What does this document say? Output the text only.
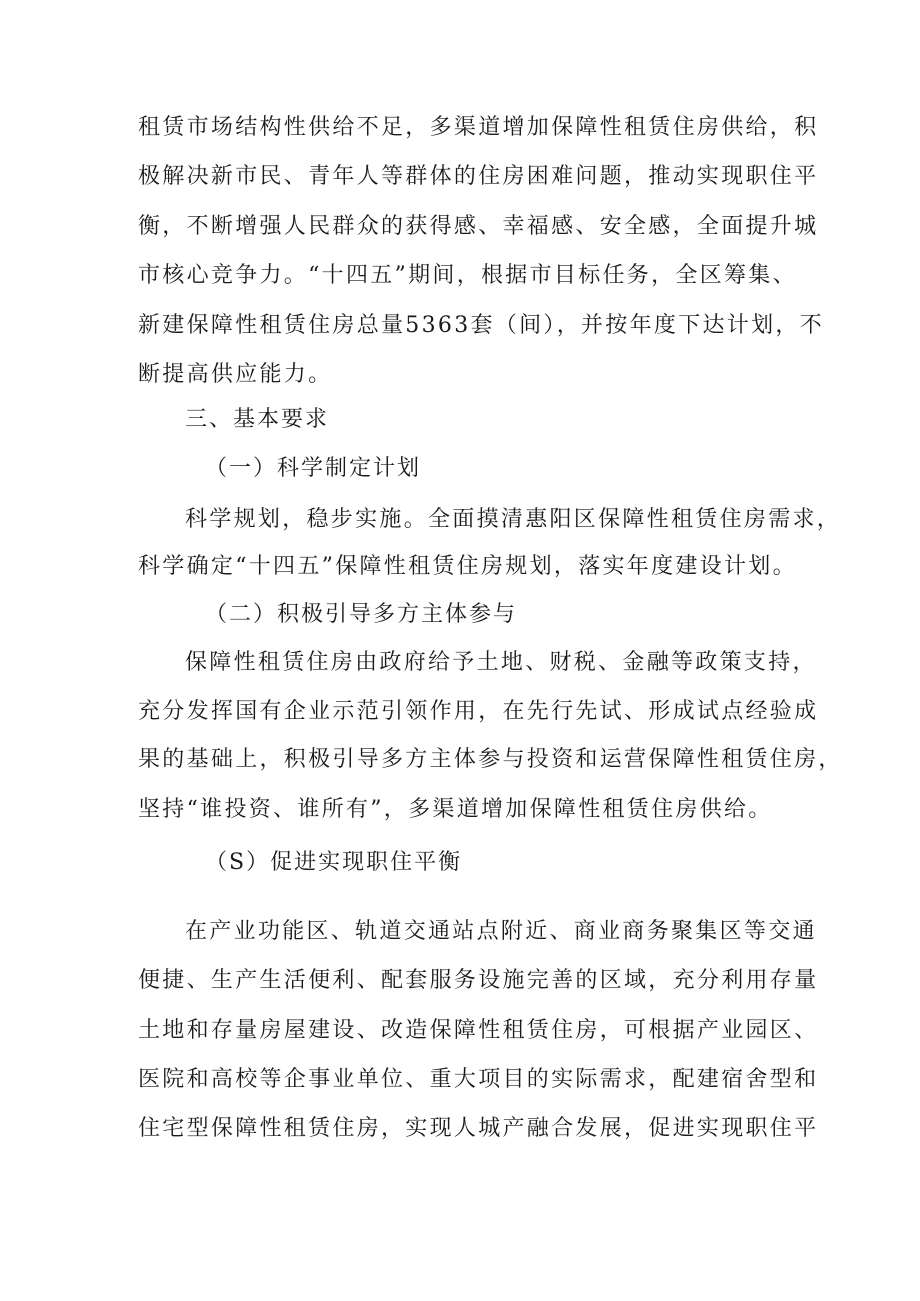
租赁市场结构性供给不足，多渠道增加保障性租赁住房供给，积
极解决新市民、青年人等群体的住房困难问题，推动实现职住平
衡，不断增强人民群众的获得感、幸福感、安全感，全面提升城
市核心竞争力。“十四五”期间，根据市目标任务，全区筹集、
新建保障性租赁住房总量5363套（间），并按年度下达计划，不
断提高供应能力。
三、基本要求
（一）科学制定计划
科学规划，稳步实施。全面摸清惠阳区保障性租赁住房需求，
科学确定“十四五”保障性租赁住房规划，落实年度建设计划。
（二）积极引导多方主体参与
保障性租赁住房由政府给予土地、财税、金融等政策支持，
充分发挥国有企业示范引领作用，在先行先试、形成试点经验成
果的基础上，积极引导多方主体参与投资和运营保障性租赁住房，
坚持“谁投资、谁所有”，多渠道增加保障性租赁住房供给。
（S）促进实现职住平衡
在产业功能区、轨道交通站点附近、商业商务聚集区等交通
便捷、生产生活便利、配套服务设施完善的区域，充分利用存量
土地和存量房屋建设、改造保障性租赁住房，可根据产业园区、
医院和高校等企事业单位、重大项目的实际需求，配建宿舍型和
住宅型保障性租赁住房，实现人城产融合发展，促进实现职住平
